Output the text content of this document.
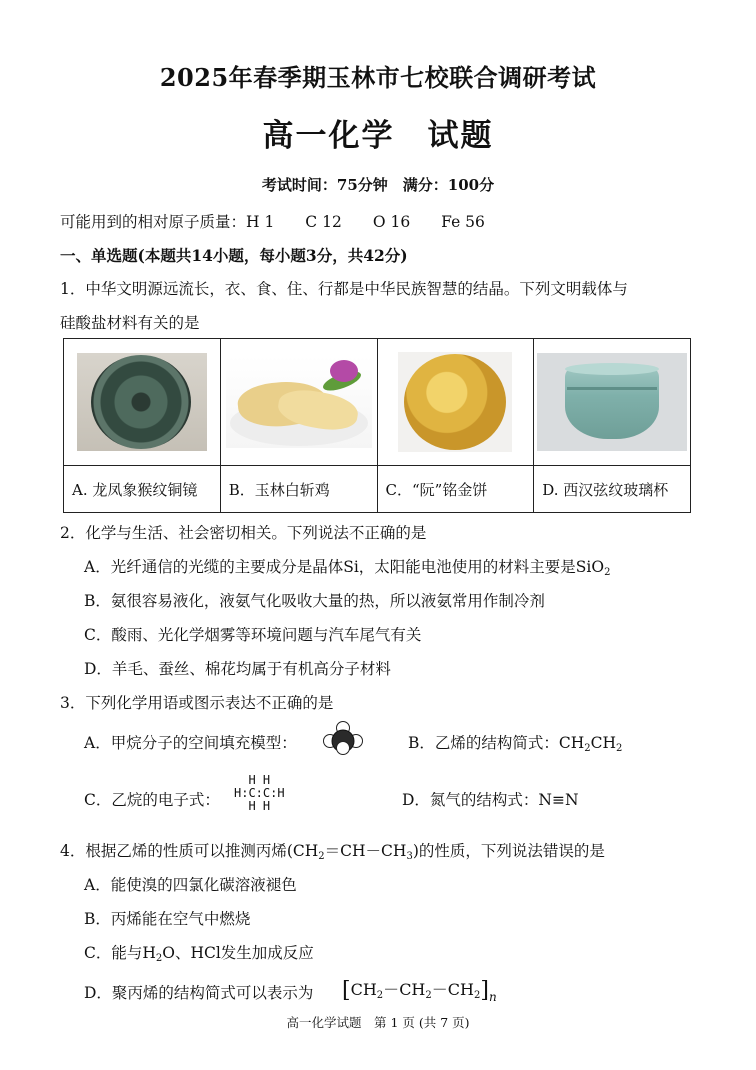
2025年春季期玉林市七校联合调研考试
高一化学　试题
考试时间：75分钟　满分：100分
可能用到的相对原子质量：H 1　　C 12　　O 16　　Fe 56
一、单选题(本题共14小题，每小题3分，共42分)
1．中华文明源远流长，衣、食、住、行都是中华民族智慧的结晶。下列文明载体与
硅酸盐材料有关的是

A. 龙凤象猴纹铜镜	B．玉林白斩鸡	C．“阮”铭金饼	D. 西汉弦纹玻璃杯
2．化学与生活、社会密切相关。下列说法不正确的是
A．光纤通信的光缆的主要成分是晶体Si，太阳能电池使用的材料主要是SiO$_2$
B．氨很容易液化，液氨气化吸收大量的热，所以液氨常用作制冷剂
C．酸雨、光化学烟雾等环境问题与汽车尾气有关
D．羊毛、蚕丝、棉花均属于有机高分子材料
3．下列化学用语或图示表达不正确的是
A．甲烷分子的空间填充模型：	B．乙烯的结构简式：$CH_2CH_2$
C．乙烷的电子式：
H H
H:C:C:H
H H	D．氮气的结构式：N≡N
4．根据乙烯的性质可以推测丙烯$(CH_2=CH-CH_3)$的性质，下列说法错误的是
A．能使溴的四氯化碳溶液褪色
B．丙烯能在空气中燃烧
C．能与$H_2O$、HCl发生加成反应
D．聚丙烯的结构简式可以表示为 $[CH_2-CH_2-CH_2]_n$
高一化学试题　第 1 页 (共 7 页)
